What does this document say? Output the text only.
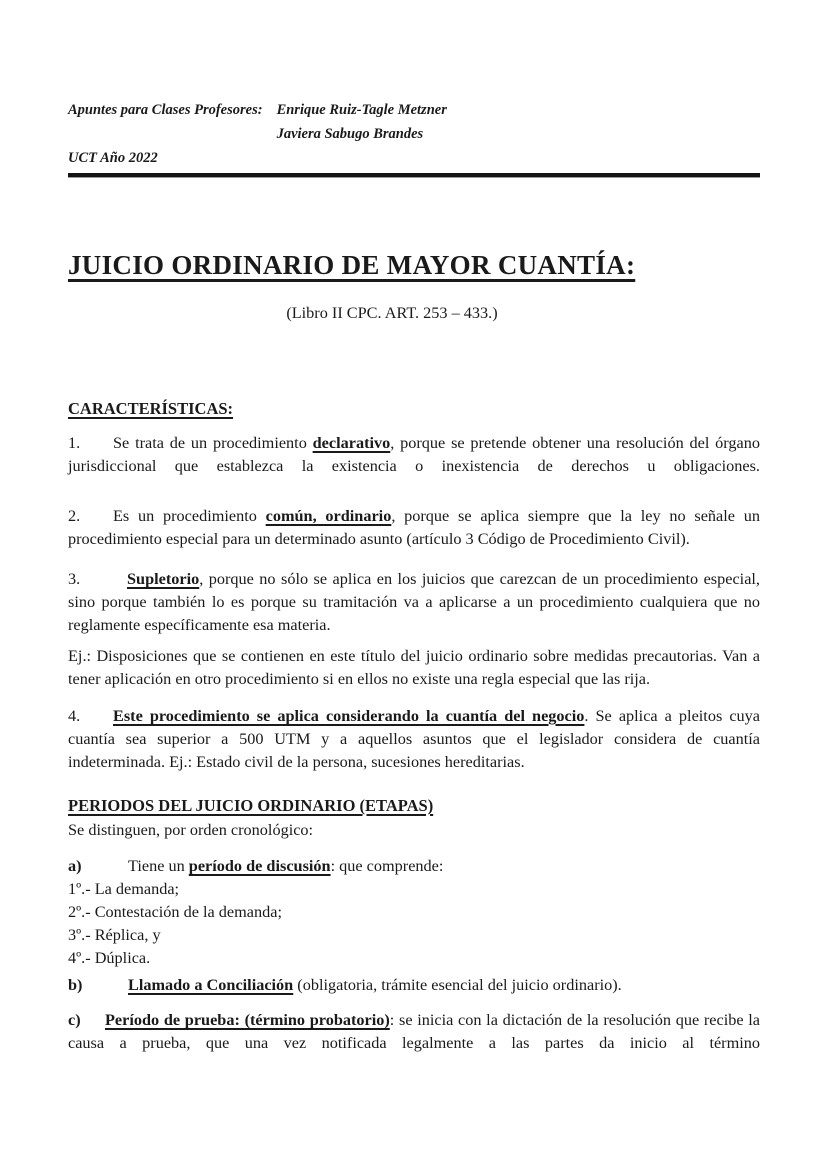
Apuntes para Clases Profesores: Enrique Ruiz-Tagle Metzner
Javiera Sabugo Brandes
UCT Año 2022
JUICIO ORDINARIO DE MAYOR CUANTÍA:
(Libro II CPC. ART. 253 – 433.)
CARACTERÍSTICAS:

1. Se trata de un procedimiento declarativo, porque se pretende obtener una resolución del órgano jurisdiccional que establezca la existencia o inexistencia de derechos u obligaciones.

2. Es un procedimiento común, ordinario, porque se aplica siempre que la ley no señale un procedimiento especial para un determinado asunto (artículo 3 Código de Procedimiento Civil).

3.	Supletorio, porque no sólo se aplica en los juicios que carezcan de un procedimiento especial, sino porque también lo es porque su tramitación va a aplicarse a un procedimiento cualquiera que no reglamente específicamente esa materia.

Ej.: Disposiciones que se contienen en este título del juicio ordinario sobre medidas precautorias. Van a tener aplicación en otro procedimiento si en ellos no existe una regla especial que las rija.

4. Este procedimiento se aplica considerando la cuantía del negocio. Se aplica a pleitos cuya cuantía sea superior a 500 UTM y a aquellos asuntos que el legislador considera de cuantía indeterminada. Ej.: Estado civil de la persona, sucesiones hereditarias.

PERIODOS DEL JUICIO ORDINARIO (ETAPAS)

Se distinguen, por orden cronológico:

a)	Tiene un período de discusión: que comprende:

1º.- La demanda;
2º.- Contestación de la demanda;
3º.- Réplica, y
4º.- Dúplica.

b)	Llamado a Conciliación (obligatoria, trámite esencial del juicio ordinario).

c) Período de prueba: (término probatorio): se inicia con la dictación de la resolución que recibe la causa a prueba, que una vez notificada legalmente a las partes da inicio al término
